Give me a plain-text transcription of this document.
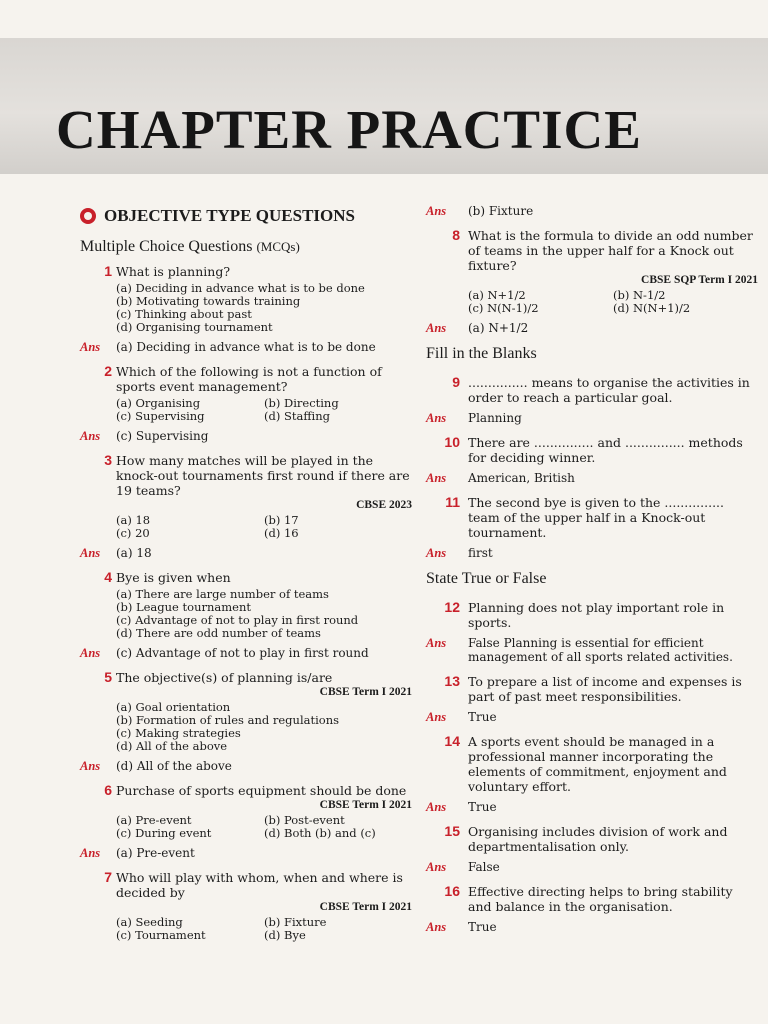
CHAPTER PRACTICE
OBJECTIVE TYPE QUESTIONS
Multiple Choice Questions (MCQs)
1 What is planning?
(a) Deciding in advance what is to be done
(b) Motivating towards training
(c) Thinking about past
(d) Organising tournament
Ans (a) Deciding in advance what is to be done
2 Which of the following is not a function of sports event management?
(a) Organising	(b) Directing
(c) Supervising	(d) Staffing
Ans (c) Supervising
3 How many matches will be played in the knock-out tournaments first round if there are 19 teams?
CBSE 2023
(a) 18	(b) 17
(c) 20	(d) 16
Ans (a) 18
4 Bye is given when
(a) There are large number of teams
(b) League tournament
(c) Advantage of not to play in first round
(d) There are odd number of teams
Ans (c) Advantage of not to play in first round
5 The objective(s) of planning is/are
CBSE Term I 2021
(a) Goal orientation
(b) Formation of rules and regulations
(c) Making strategies
(d) All of the above
Ans (d) All of the above
6 Purchase of sports equipment should be done
CBSE Term I 2021
(a) Pre-event	(b) Post-event
(c) During event	(d) Both (b) and (c)
Ans (a) Pre-event
7 Who will play with whom, when and where is decided by
CBSE Term I 2021
(a) Seeding	(b) Fixture
(c) Tournament	(d) Bye
Ans (b) Fixture
8 What is the formula to divide an odd number of teams in the upper half for a Knock out fixture?
CBSE SQP Term I 2021
(a) N+1/2	(b) N-1/2
(c) N(N-1)/2	(d) N(N+1)/2
Ans (a) N+1/2
Fill in the Blanks
9 ............... means to organise the activities in order to reach a particular goal.
Ans Planning
10 There are ............... and ............... methods for deciding winner.
Ans American, British
11 The second bye is given to the ............... team of the upper half in a Knock-out tournament.
Ans first
State True or False
12 Planning does not play important role in sports.
Ans False Planning is essential for efficient management of all sports related activities.
13 To prepare a list of income and expenses is part of past meet responsibilities.
Ans True
14 A sports event should be managed in a professional manner incorporating the elements of commitment, enjoyment and voluntary effort.
Ans True
15 Organising includes division of work and departmentalisation only.
Ans False
16 Effective directing helps to bring stability and balance in the organisation.
Ans True
